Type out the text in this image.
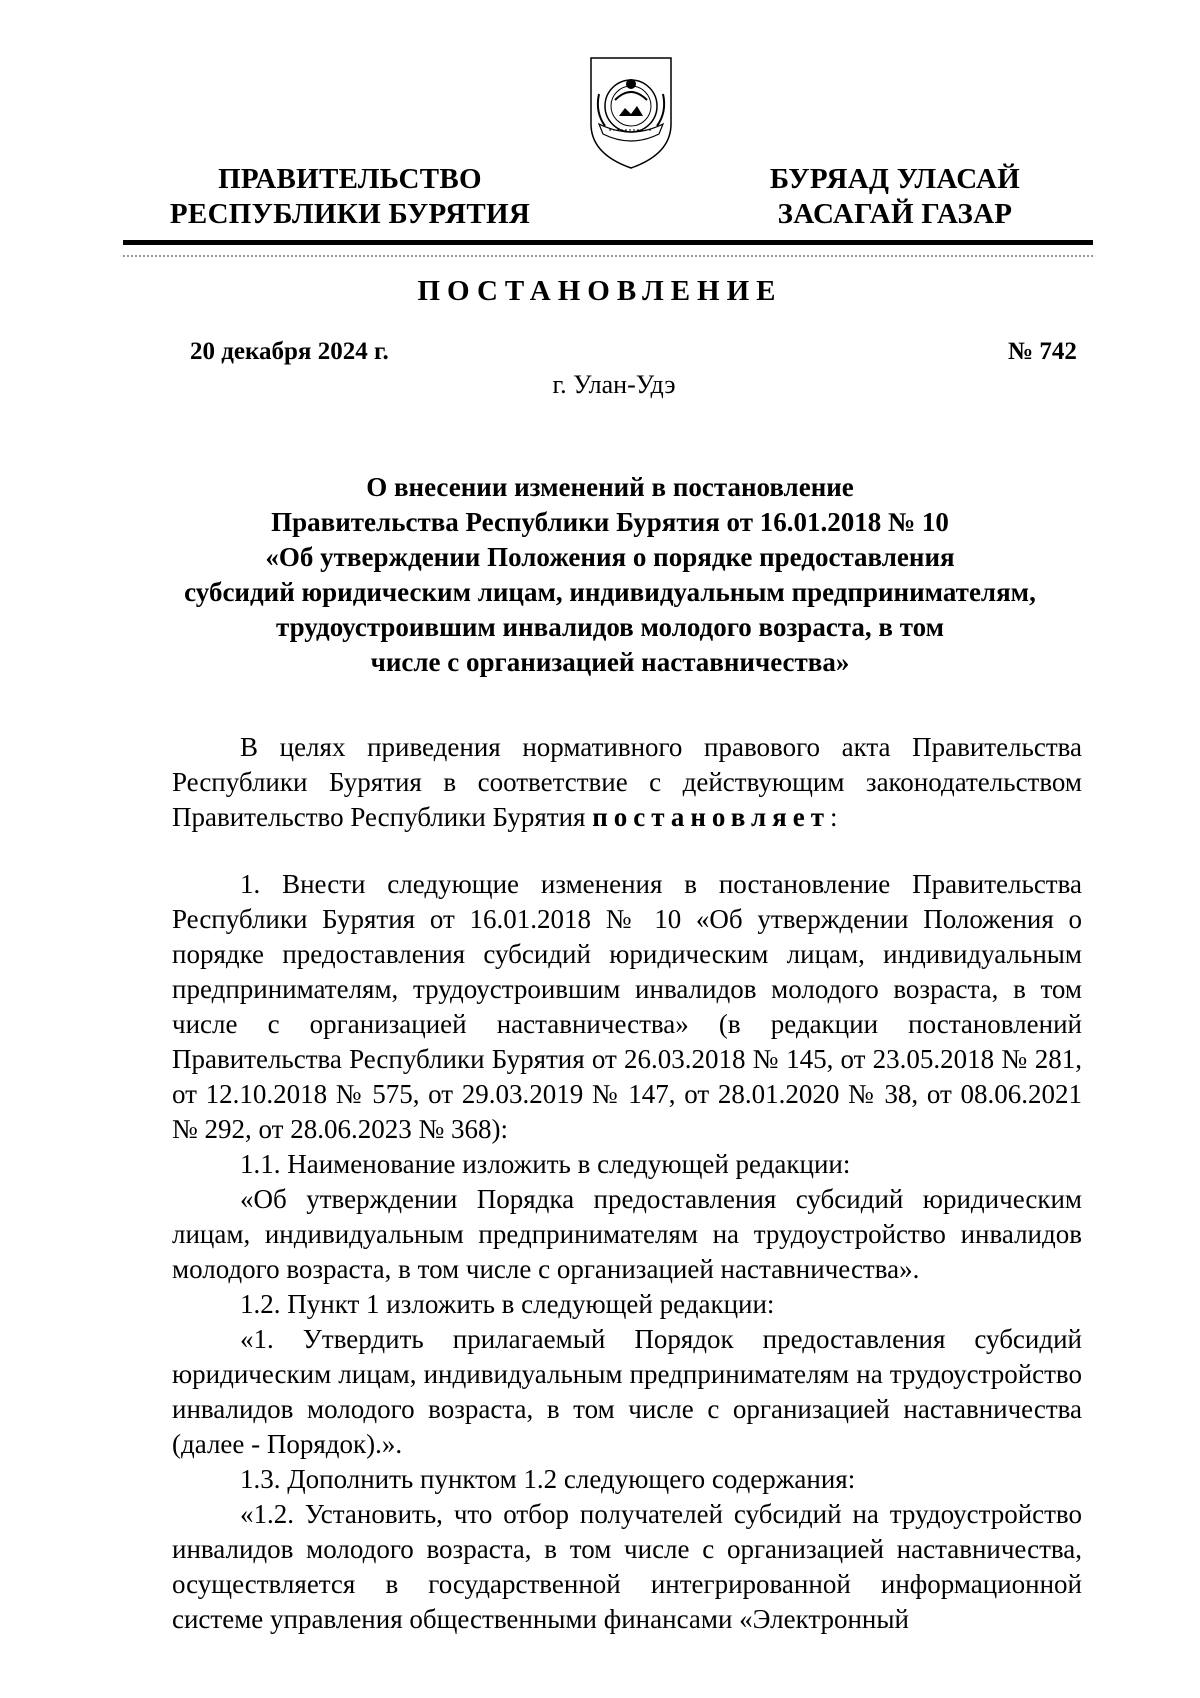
ПРАВИТЕЛЬСТВО
РЕСПУБЛИКИ БУРЯТИЯ

БУРЯАД УЛАСАЙ
ЗАСАГАЙ ГАЗАР

ПОСТАНОВЛЕНИЕ

20 декабря 2024 г.	№ 742
г. Улан-Удэ
О внесении изменений в постановление
Правительства Республики Бурятия от 16.01.2018 № 10
«Об утверждении Положения о порядке предоставления
субсидий юридическим лицам, индивидуальным предпринимателям,
трудоустроившим инвалидов молодого возраста, в том
числе с организацией наставничества»

В целях приведения нормативного правового акта Правительства Республики Бурятия в соответствие с действующим законодательством Правительство Республики Бурятия постановляет:

1. Внести следующие изменения в постановление Правительства Республики Бурятия от 16.01.2018 № 10 «Об утверждении Положения о порядке предоставления субсидий юридическим лицам, индивидуальным предпринимателям, трудоустроившим инвалидов молодого возраста, в том числе с организацией наставничества» (в редакции постановлений Правительства Республики Бурятия от 26.03.2018 № 145, от 23.05.2018 № 281, от 12.10.2018 № 575, от 29.03.2019 № 147, от 28.01.2020 № 38, от 08.06.2021 № 292, от 28.06.2023 № 368):

1.1. Наименование изложить в следующей редакции:

«Об утверждении Порядка предоставления субсидий юридическим лицам, индивидуальным предпринимателям на трудоустройство инвалидов молодого возраста, в том числе с организацией наставничества».

1.2. Пункт 1 изложить в следующей редакции:

«1. Утвердить прилагаемый Порядок предоставления субсидий юридическим лицам, индивидуальным предпринимателям на трудоустройство инвалидов молодого возраста, в том числе с организацией наставничества (далее - Порядок).».

1.3. Дополнить пунктом 1.2 следующего содержания:

«1.2. Установить, что отбор получателей субсидий на трудоустройство инвалидов молодого возраста, в том числе с организацией наставничества, осуществляется в государственной интегрированной информационной системе управления общественными финансами «Электронный
